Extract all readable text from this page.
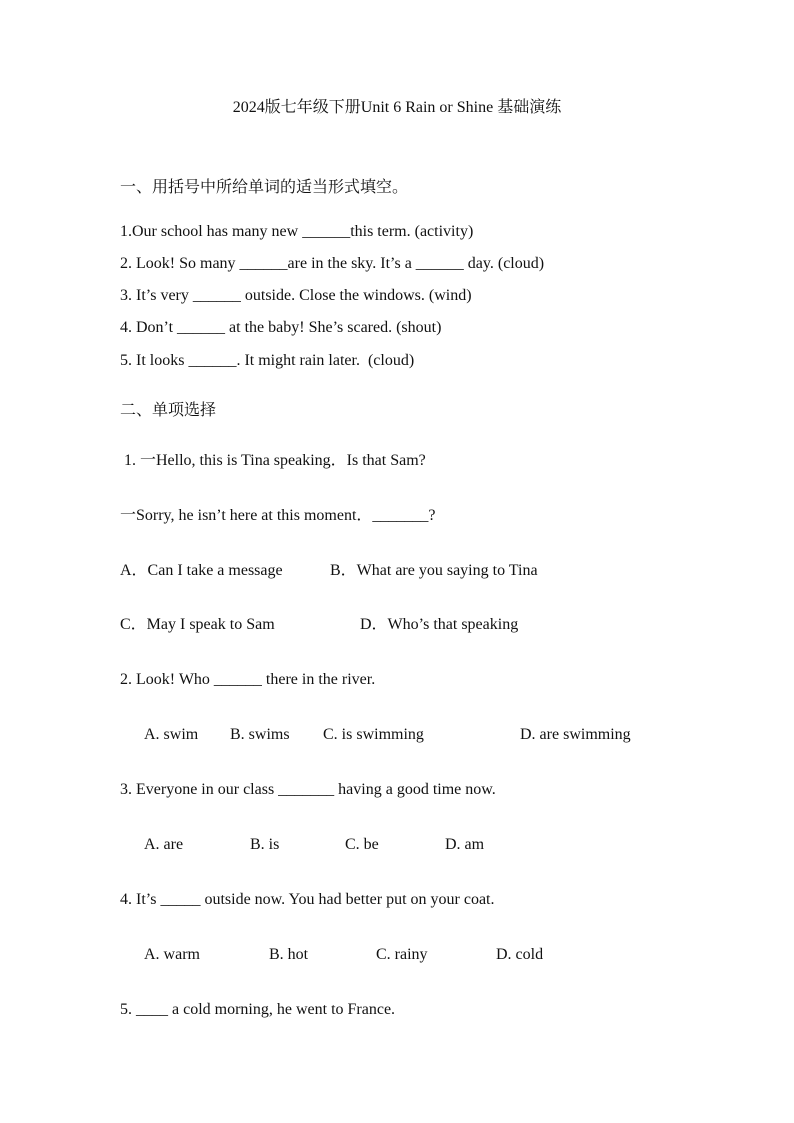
2024版七年级下册Unit 6 Rain or Shine 基础演练
一、用括号中所给单词的适当形式填空。
1.Our school has many new ______this term. (activity)
2. Look! So many ______are in the sky. It’s a ______ day. (cloud)
3. It’s very ______ outside. Close the windows. (wind)
4. Don’t ______ at the baby! She’s scared. (shout)
5. It looks ______. It might rain later.  (cloud)
二、单项选择
1. 一Hello, this is Tina speaking．Is that Sam?
一Sorry, he isn’t here at this moment．_______?
A．Can I take a message	B．What are you saying to Tina
C．May I speak to Sam	D．Who’s that speaking
2. Look! Who ______ there in the river.
A. swim B. swims C. is swimming	D. are swimming
3. Everyone in our class _______ having a good time now.
A. are	B. is	C. be	D. am
4. It’s _____ outside now. You had better put on your coat.
A. warm	B. hot	C. rainy	D. cold
5. ____ a cold morning, he went to France.
